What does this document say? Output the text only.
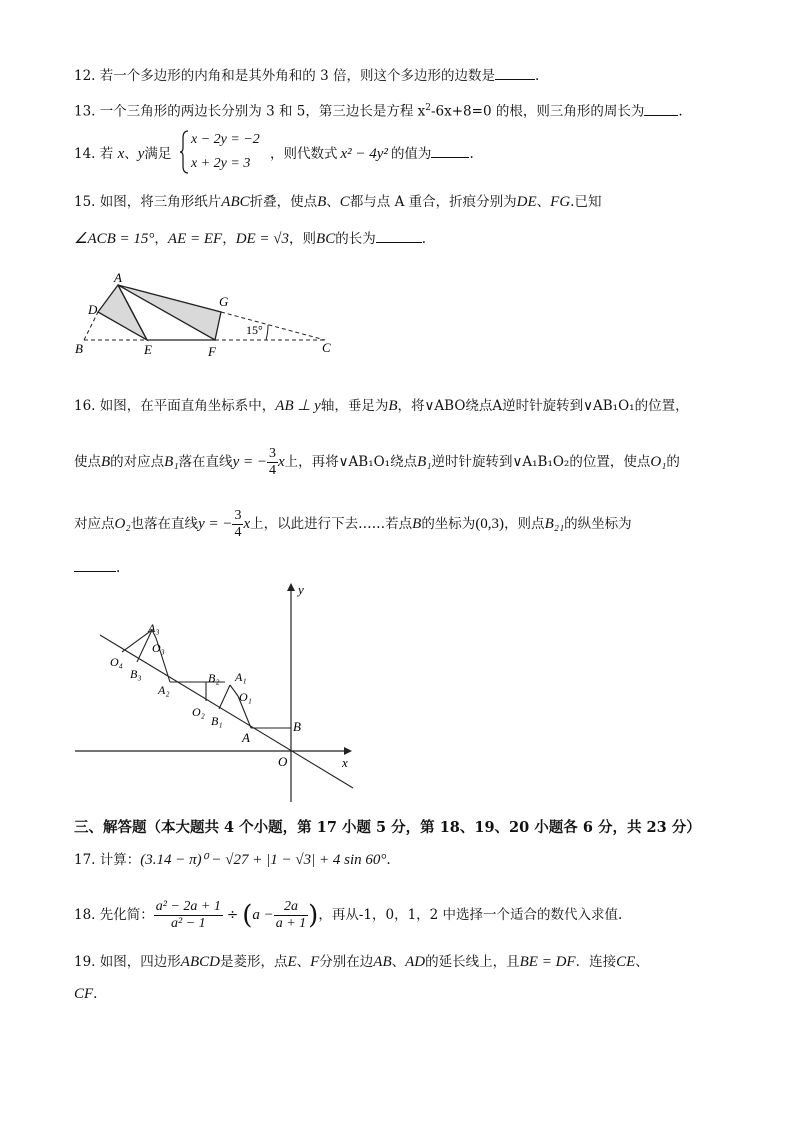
12. 若一个多边形的内角和是其外角和的 3 倍，则这个多边形的边数是	.
13. 一个三角形的两边长分别为 3 和 5，第三边长是方程 $x^2-6x+8=0$ 的根，则三角形的周长为	.
14. 若 x、y满足
x − 2y = −2
x + 2y = 3
，则代数式 x² − 4y² 的值为	.
15. 如图，将三角形纸片ABC折叠，使点B、C都与点 A 重合，折痕分别为DE、FG.已知
∠ACB = 15°，AE = EF，DE = √3，则BC的长为	.
A
D
G
15°
B	E	F	C
16. 如图，在平面直角坐标系中，AB ⊥ y轴，垂足为B，将∨ABO绕点A逆时针旋转到∨AB₁O₁的位置，
使点B的对应点B₁落在直线y = − $\frac{3}{4}$ x上，再将∨AB₁O₁绕点B₁逆时针旋转到∨A₁B₁O₂的位置，使点O₁的
对应点O₂也落在直线y = − $\frac{3}{4}$ x上，以此进行下去……若点B的坐标为(0,3)，则点B₂₁的纵坐标为
.
y
x
O
B
A
A₁
O₁
B₁
B₂
O₂
A₂
A₃
O₃
B₃
O₄
三、解答题（本大题共 4 个小题，第 17 小题 5 分，第 18、19、20 小题各 6 分，共 23 分）
17. 计算：(3.14 − π)⁰ − √27 + |1 − √3| + 4 sin 60°.
18. 先化简： $\frac{\text{a² − 2a + 1}}{\text{a² − 1}} \div (a - \frac{2a}{a + 1}$ )，再从-1，0，1，2 中选择一个适合的数代入求值.
19. 如图，四边形ABCD是菱形，点E、F分别在边AB、AD的延长线上，且BE = DF．连接CE、
CF.
